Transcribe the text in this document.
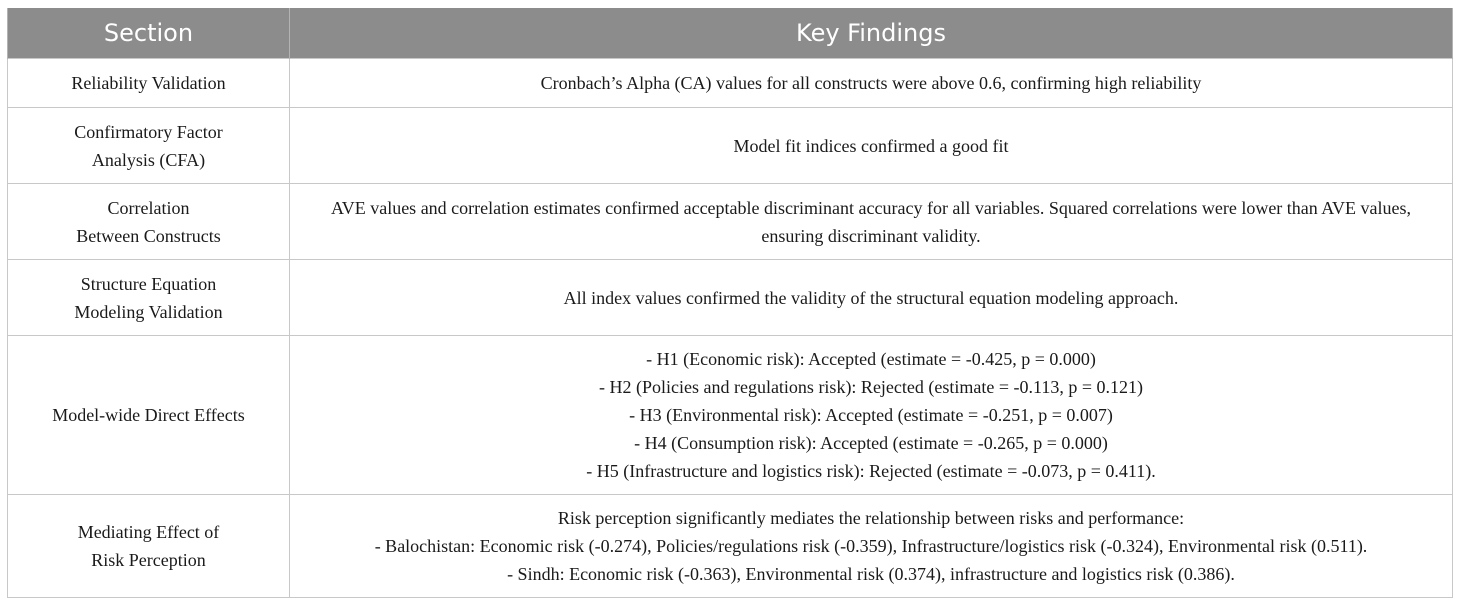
Section	Key Findings

Reliability Validation	Cronbach’s Alpha (CA) values for all constructs were above 0.6, confirming high reliability

Confirmatory Factor
Analysis (CFA)	Model fit indices confirmed a good fit

Correlation
Between Constructs	AVE values and correlation estimates confirmed acceptable discriminant accuracy for all variables. Squared correlations were lower than AVE values, ensuring discriminant validity.

Structure Equation
Modeling Validation	All index values confirmed the validity of the structural equation modeling approach.

Model-wide Direct Effects	- H1 (Economic risk): Accepted (estimate = -0.425, p = 0.000)
- H2 (Policies and regulations risk): Rejected (estimate = -0.113, p = 0.121)
- H3 (Environmental risk): Accepted (estimate = -0.251, p = 0.007)
- H4 (Consumption risk): Accepted (estimate = -0.265, p = 0.000)
- H5 (Infrastructure and logistics risk): Rejected (estimate = -0.073, p = 0.411).

Mediating Effect of
Risk Perception	Risk perception significantly mediates the relationship between risks and performance:
- Balochistan: Economic risk (-0.274), Policies/regulations risk (-0.359), Infrastructure/logistics risk (-0.324), Environmental risk (0.511).
- Sindh: Economic risk (-0.363), Environmental risk (0.374), infrastructure and logistics risk (0.386).
